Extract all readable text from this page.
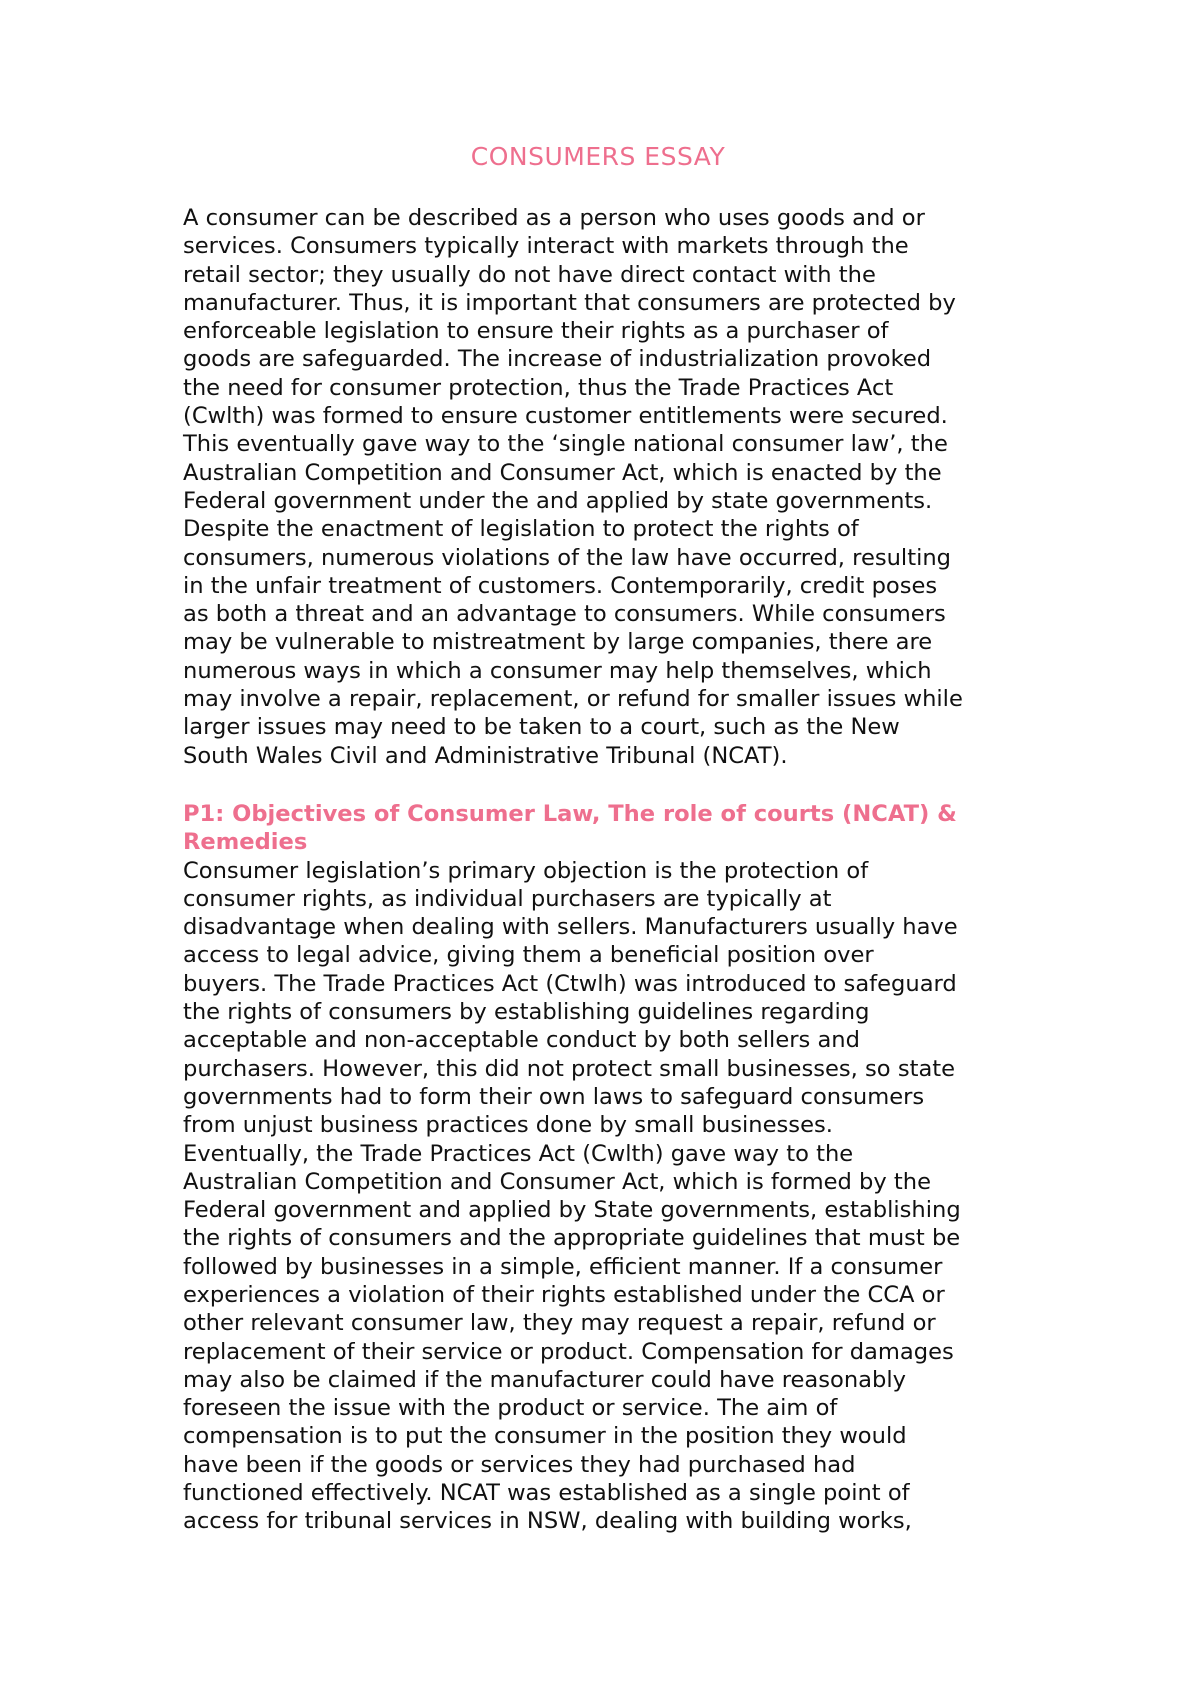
CONSUMERS ESSAY

A consumer can be described as a person who uses goods and or
services. Consumers typically interact with markets through the
retail sector; they usually do not have direct contact with the
manufacturer. Thus, it is important that consumers are protected by
enforceable legislation to ensure their rights as a purchaser of
goods are safeguarded. The increase of industrialization provoked
the need for consumer protection, thus the Trade Practices Act
(Cwlth) was formed to ensure customer entitlements were secured.
This eventually gave way to the ‘single national consumer law’, the
Australian Competition and Consumer Act, which is enacted by the
Federal government under the and applied by state governments.
Despite the enactment of legislation to protect the rights of
consumers, numerous violations of the law have occurred, resulting
in the unfair treatment of customers. Contemporarily, credit poses
as both a threat and an advantage to consumers. While consumers
may be vulnerable to mistreatment by large companies, there are
numerous ways in which a consumer may help themselves, which
may involve a repair, replacement, or refund for smaller issues while
larger issues may need to be taken to a court, such as the New
South Wales Civil and Administrative Tribunal (NCAT).

P1: Objectives of Consumer Law, The role of courts (NCAT) &
Remedies

Consumer legislation’s primary objection is the protection of
consumer rights, as individual purchasers are typically at
disadvantage when dealing with sellers. Manufacturers usually have
access to legal advice, giving them a beneficial position over
buyers. The Trade Practices Act (Ctwlh) was introduced to safeguard
the rights of consumers by establishing guidelines regarding
acceptable and non-acceptable conduct by both sellers and
purchasers. However, this did not protect small businesses, so state
governments had to form their own laws to safeguard consumers
from unjust business practices done by small businesses.
Eventually, the Trade Practices Act (Cwlth) gave way to the
Australian Competition and Consumer Act, which is formed by the
Federal government and applied by State governments, establishing
the rights of consumers and the appropriate guidelines that must be
followed by businesses in a simple, efficient manner. If a consumer
experiences a violation of their rights established under the CCA or
other relevant consumer law, they may request a repair, refund or
replacement of their service or product. Compensation for damages
may also be claimed if the manufacturer could have reasonably
foreseen the issue with the product or service. The aim of
compensation is to put the consumer in the position they would
have been if the goods or services they had purchased had
functioned effectively. NCAT was established as a single point of
access for tribunal services in NSW, dealing with building works,
